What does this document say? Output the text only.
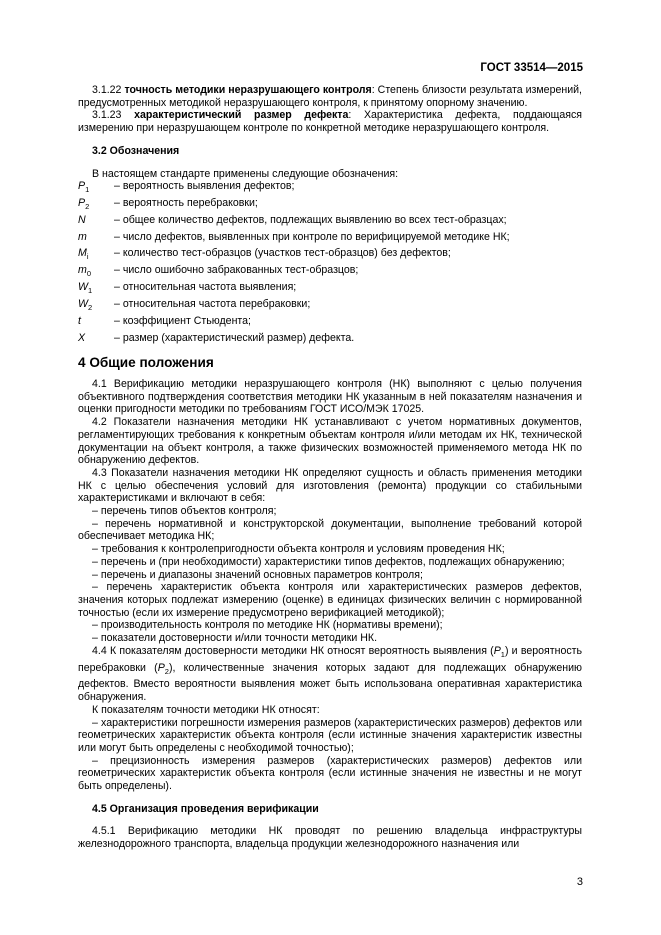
ГОСТ 33514—2015

3.1.22 точность методики неразрушающего контроля: Степень близости результата измерений, предусмотренных методикой неразрушающего контроля, к принятому опорному значению.

3.1.23 характеристический размер дефекта: Характеристика дефекта, поддающаяся измерению при неразрушающем контроле по конкретной методике неразрушающего контроля.

3.2 Обозначения

В настоящем стандарте применены следующие обозначения:

$P_1$	– вероятность выявления дефектов;
$P_2$	– вероятность перебраковки;
N	– общее количество дефектов, подлежащих выявлению во всех тест-образцах;
m	– число дефектов, выявленных при контроле по верифицируемой методике НК;
$M_i$	– количество тест-образцов (участков тест-образцов) без дефектов;
$m_0$	– число ошибочно забракованных тест-образцов;
$W_1$	– относительная частота выявления;
$W_2$	– относительная частота перебраковки;
t	– коэффициент Стьюдента;
X	– размер (характеристический размер) дефекта.

4 Общие положения

4.1 Верификацию методики неразрушающего контроля (НК) выполняют с целью получения объективного подтверждения соответствия методики НК указанным в ней показателям назначения и оценки пригодности методики по требованиям ГОСТ ИСО/МЭК 17025.

4.2 Показатели назначения методики НК устанавливают с учетом нормативных документов, регламентирующих требования к конкретным объектам контроля и/или методам их НК, технической документации на объект контроля, а также физических возможностей применяемого метода НК по обнаружению дефектов.

4.3 Показатели назначения методики НК определяют сущность и область применения методики НК с целью обеспечения условий для изготовления (ремонта) продукции со стабильными характеристиками и включают в себя:

– перечень типов объектов контроля;

– перечень нормативной и конструкторской документации, выполнение требований которой обеспечивает методика НК;

– требования к контролепригодности объекта контроля и условиям проведения НК;

– перечень и (при необходимости) характеристики типов дефектов, подлежащих обнаружению;

– перечень и диапазоны значений основных параметров контроля;

– перечень характеристик объекта контроля или характеристических размеров дефектов, значения которых подлежат измерению (оценке) в единицах физических величин с нормированной точностью (если их измерение предусмотрено верификацией методикой);

– производительность контроля по методике НК (нормативы времени);

– показатели достоверности и/или точности методики НК.

4.4 К показателям достоверности методики НК относят вероятность выявления $(P_1)$ и вероятность перебраковки $(P_2)$, количественные значения которых задают для подлежащих обнаружению дефектов. Вместо вероятности выявления может быть использована оперативная характеристика обнаружения.

К показателям точности методики НК относят:

– характеристики погрешности измерения размеров (характеристических размеров) дефектов или геометрических характеристик объекта контроля (если истинные значения характеристик известны или могут быть определены с необходимой точностью);

– прецизионность измерения размеров (характеристических размеров) дефектов или геометрических характеристик объекта контроля (если истинные значения не известны и не могут быть определены).

4.5 Организация проведения верификации

4.5.1 Верификацию методики НК проводят по решению владельца инфраструктуры железнодорожного транспорта, владельца продукции железнодорожного назначения или

3
